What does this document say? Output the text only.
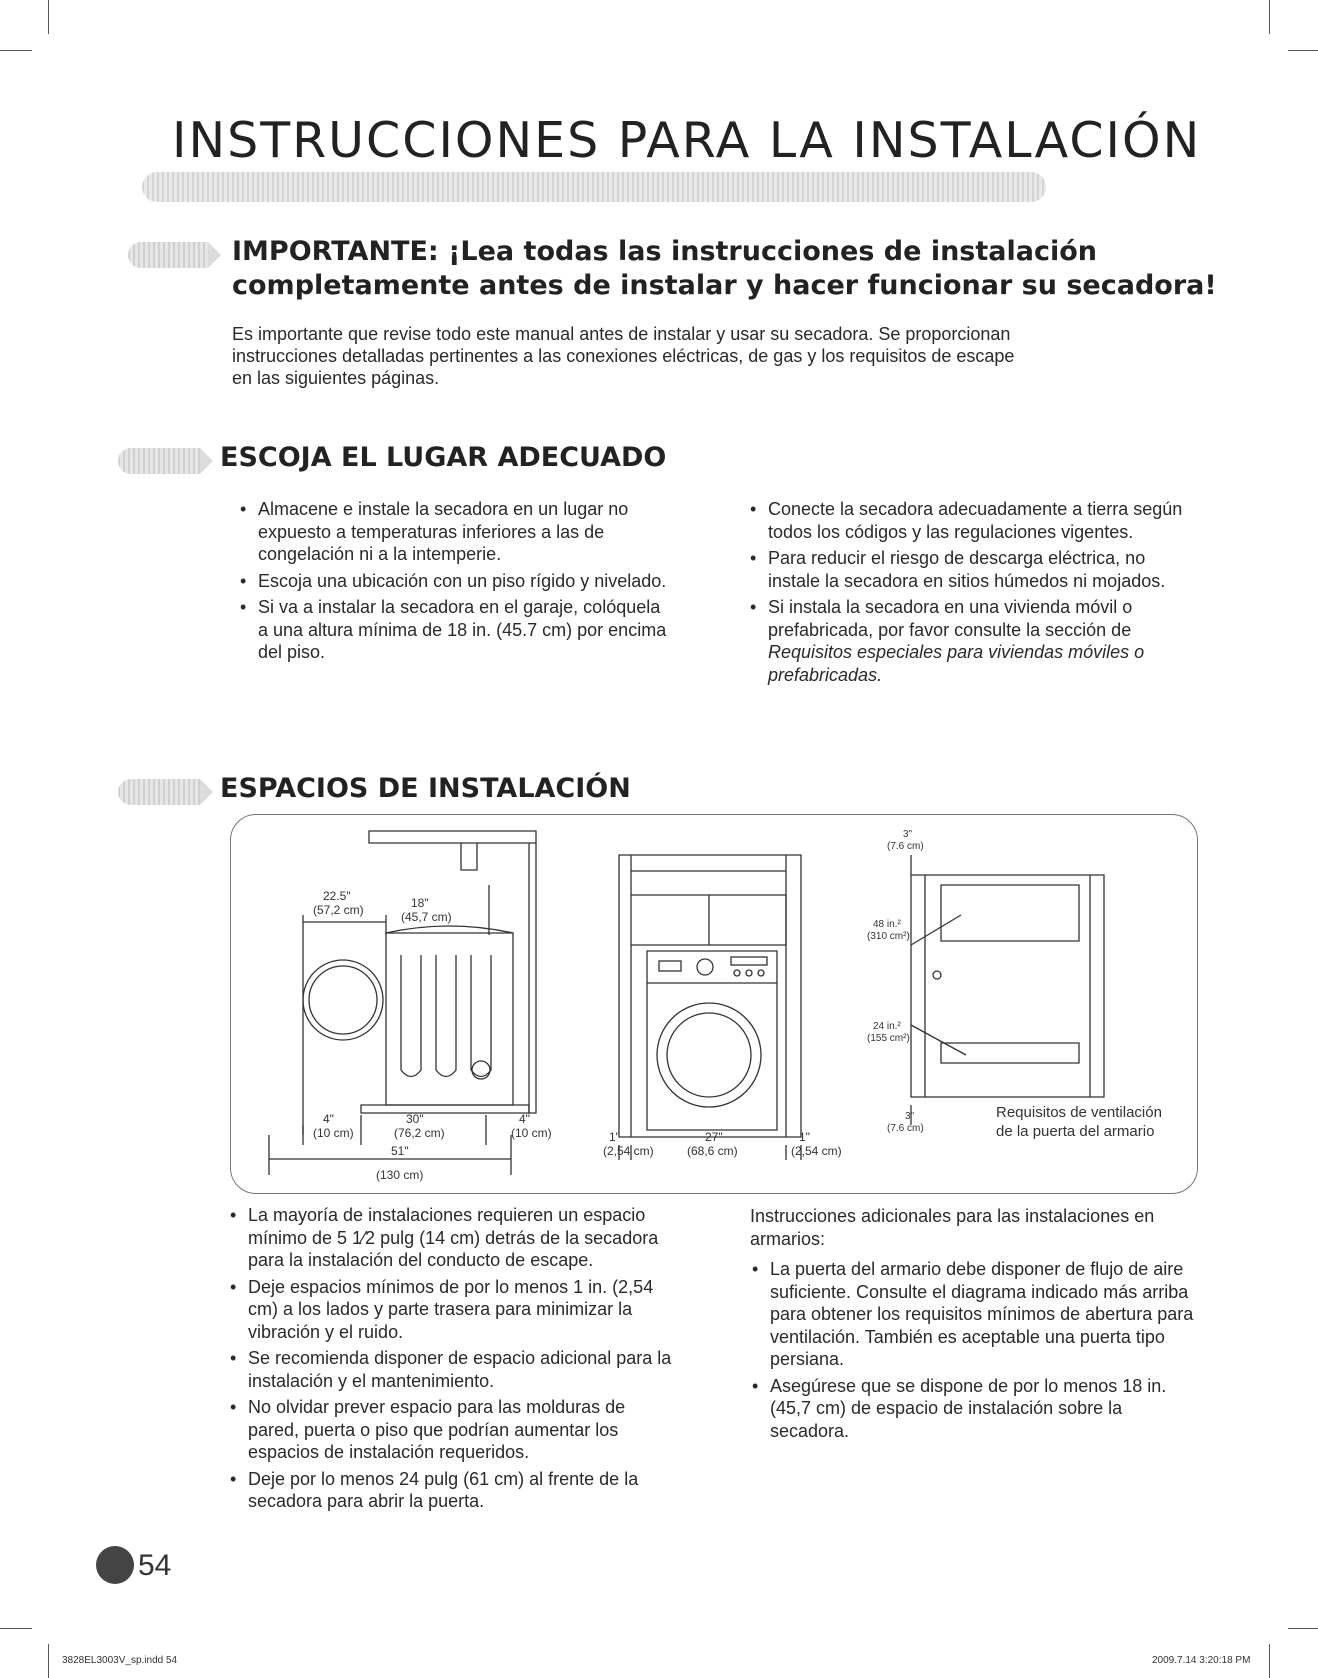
INSTRUCCIONES PARA LA INSTALACIÓN
IMPORTANTE: ¡Lea todas las instrucciones de instalación
completamente antes de instalar y hacer funcionar su secadora!
Es importante que revise todo este manual antes de instalar y usar su secadora. Se proporcionan
instrucciones detalladas pertinentes a las conexiones eléctricas, de gas y los requisitos de escape
en las siguientes páginas.
ESCOJA EL LUGAR ADECUADO
• Almacene e instale la secadora en un lugar no expuesto a temperaturas inferiores a las de congelación ni a la intemperie.
• Escoja una ubicación con un piso rígido y nivelado.
• Si va a instalar la secadora en el garaje, colóquela a una altura mínima de 18 in. (45.7 cm) por encima del piso.
• Conecte la secadora adecuadamente a tierra según todos los códigos y las regulaciones vigentes.
• Para reducir el riesgo de descarga eléctrica, no instale la secadora en sitios húmedos ni mojados.
• Si instala la secadora en una vivienda móvil o prefabricada, por favor consulte la sección de Requisitos especiales para viviendas móviles o prefabricadas.
ESPACIOS DE INSTALACIÓN
22.5"
(57,2 cm)	18"
(45,7 cm)
4"
(10 cm)
30"
(76,2 cm)
4"
(10 cm)
51"
(130 cm)
1"
(2,54 cm)
27"
(68,6 cm)
1"
(2,54 cm)
3"
(7.6 cm)
48 in.²
(310 cm²)
24 in.²
(155 cm²)
3"
(7.6 cm)
Requisitos de ventilación
de la puerta del armario
• La mayoría de instalaciones requieren un espacio mínimo de 5 1⁄2 pulg (14 cm) detrás de la secadora para la instalación del conducto de escape.
• Deje espacios mínimos de por lo menos 1 in. (2,54 cm) a los lados y parte trasera para minimizar la vibración y el ruido.
• Se recomienda disponer de espacio adicional para la instalación y el mantenimiento.
• No olvidar prever espacio para las molduras de pared, puerta o piso que podrían aumentar los espacios de instalación requeridos.
• Deje por lo menos 24 pulg (61 cm) al frente de la secadora para abrir la puerta.
Instrucciones adicionales para las instalaciones en armarios:
• La puerta del armario debe disponer de flujo de aire suficiente. Consulte el diagrama indicado más arriba para obtener los requisitos mínimos de abertura para ventilación. También es aceptable una puerta tipo persiana.
• Asegúrese que se dispone de por lo menos 18 in. (45,7 cm) de espacio de instalación sobre la secadora.
54
3828EL3003V_sp.indd 54	2009.7.14 3:20:18 PM
